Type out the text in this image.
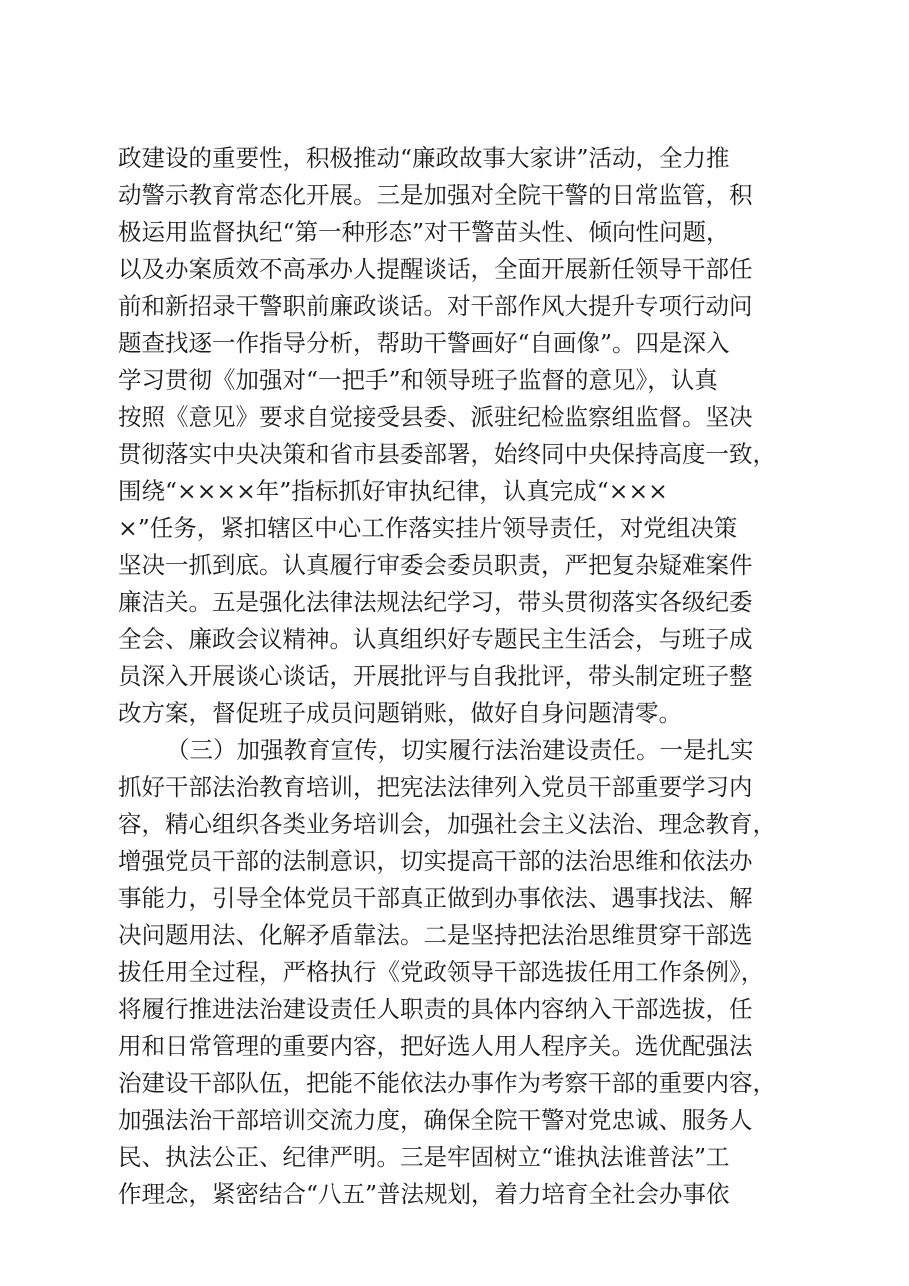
政建设的重要性，积极推动“廉政故事大家讲”活动，全力推
动警示教育常态化开展。三是加强对全院干警的日常监管，积
极运用监督执纪“第一种形态”对干警苗头性、倾向性问题，
以及办案质效不高承办人提醒谈话，全面开展新任领导干部任
前和新招录干警职前廉政谈话。对干部作风大提升专项行动问
题查找逐一作指导分析，帮助干警画好“自画像”。四是深入
学习贯彻《加强对“一把手”和领导班子监督的意见》，认真
按照《意见》要求自觉接受县委、派驻纪检监察组监督。坚决
贯彻落实中央决策和省市县委部署，始终同中央保持高度一致，
围绕“××××年”指标抓好审执纪律，认真完成“×××
×”任务，紧扣辖区中心工作落实挂片领导责任，对党组决策
坚决一抓到底。认真履行审委会委员职责，严把复杂疑难案件
廉洁关。五是强化法律法规法纪学习，带头贯彻落实各级纪委
全会、廉政会议精神。认真组织好专题民主生活会，与班子成
员深入开展谈心谈话，开展批评与自我批评，带头制定班子整
改方案，督促班子成员问题销账，做好自身问题清零。
（三）加强教育宣传，切实履行法治建设责任。一是扎实
抓好干部法治教育培训，把宪法法律列入党员干部重要学习内
容，精心组织各类业务培训会，加强社会主义法治、理念教育，
增强党员干部的法制意识，切实提高干部的法治思维和依法办
事能力，引导全体党员干部真正做到办事依法、遇事找法、解
决问题用法、化解矛盾靠法。二是坚持把法治思维贯穿干部选
拔任用全过程，严格执行《党政领导干部选拔任用工作条例》，
将履行推进法治建设责任人职责的具体内容纳入干部选拔，任
用和日常管理的重要内容，把好选人用人程序关。选优配强法
治建设干部队伍，把能不能依法办事作为考察干部的重要内容，
加强法治干部培训交流力度，确保全院干警对党忠诚、服务人
民、执法公正、纪律严明。三是牢固树立“谁执法谁普法”工
作理念，紧密结合“八五”普法规划，着力培育全社会办事依
